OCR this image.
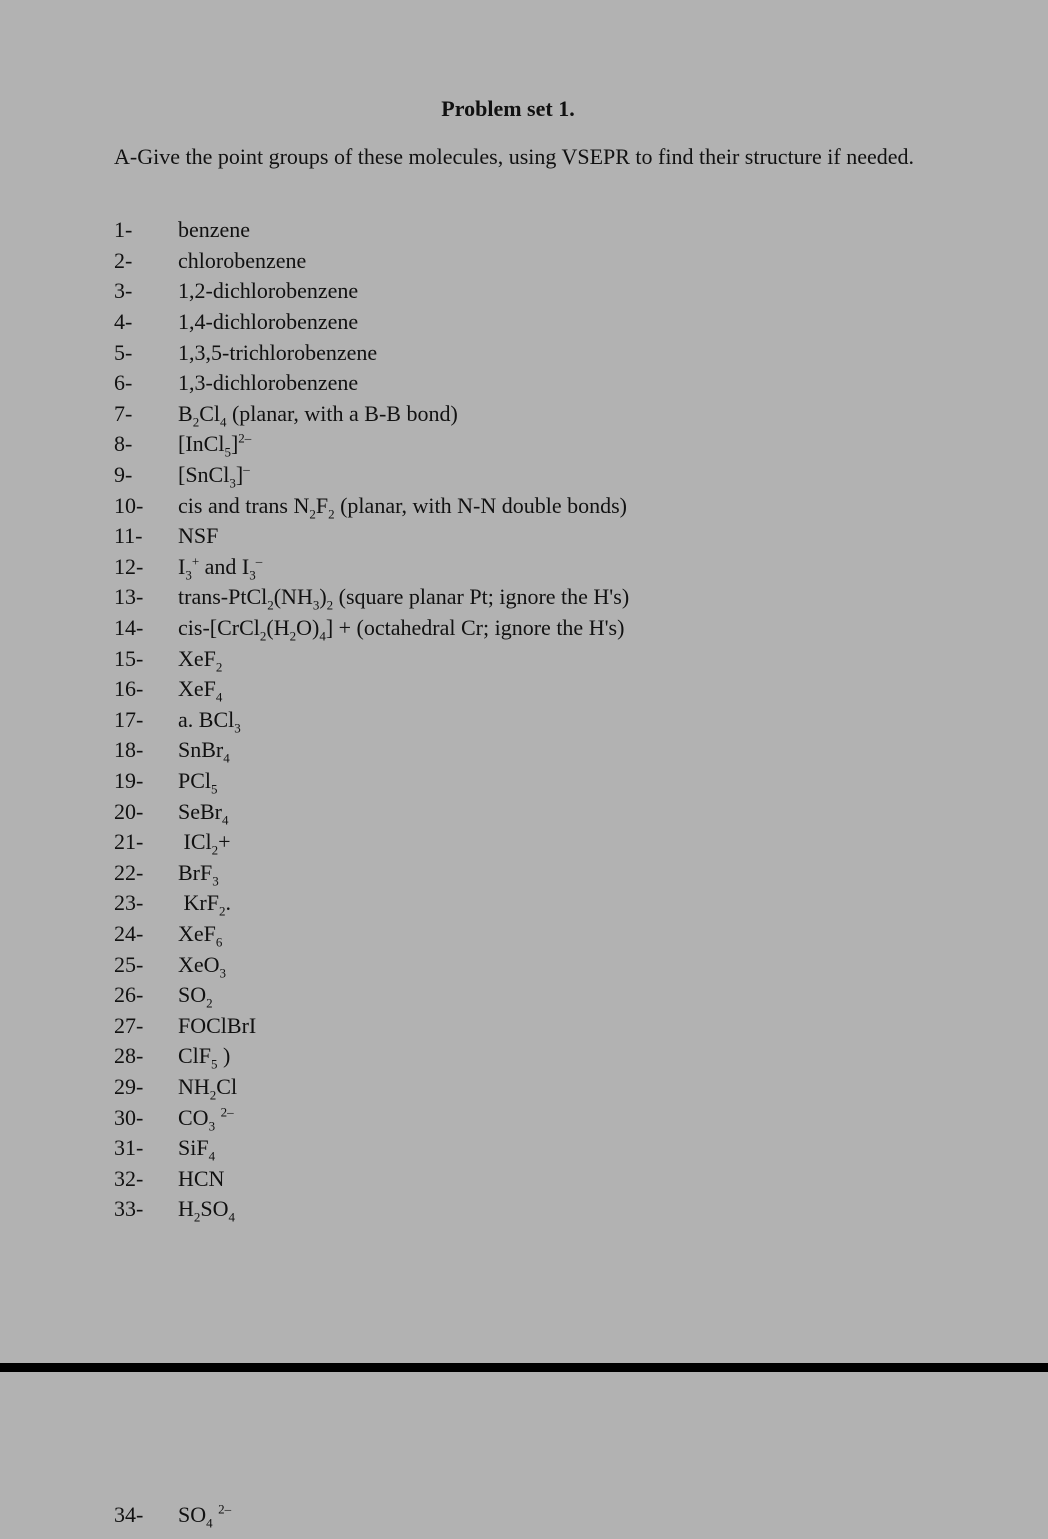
Problem set 1.
A-Give the point groups of these molecules, using VSEPR to find their structure if needed.
1-	benzene
2-	chlorobenzene
3-	1,2-dichlorobenzene
4-	1,4-dichlorobenzene
5-	1,3,5-trichlorobenzene
6-	1,3-dichlorobenzene
7-	$B_2Cl_4$ (planar, with a B-B bond)
8-	[InCl$_5$]$^{2-}$
9-	[SnCl$_3$]–
10-	cis and trans $N_2F_2$ (planar, with N-N double bonds)
11-	NSF
12-	$I_3^+$ and $I_3^-$
13-	trans-$PtCl_2(NH_3)_2$ (square planar Pt; ignore the H's)
14-	cis-$[CrCl_2(H_2O)_4]$ + (octahedral Cr; ignore the H's)
15-	XeF$_2$
16-	XeF$_4$
17-	a. BCl$_3$
18-	SnBr$_4$
19-	PCl$_5$
20-	SeBr$_4$
21-	ICl$_2$+
22-	BrF$_3$
23-	KrF$_2$.
24-	XeF$_6$
25-	XeO$_3$
26-	$SO_2$
27-	FOClBrI
28-	ClF$_5$ )
29-	$NH_2Cl$
30-	$CO_3$ $^{2-}$
31-	SiF$_4$
32-	HCN
33-	$H_2SO_4$
34-	$SO_4$ $^{2-}$
